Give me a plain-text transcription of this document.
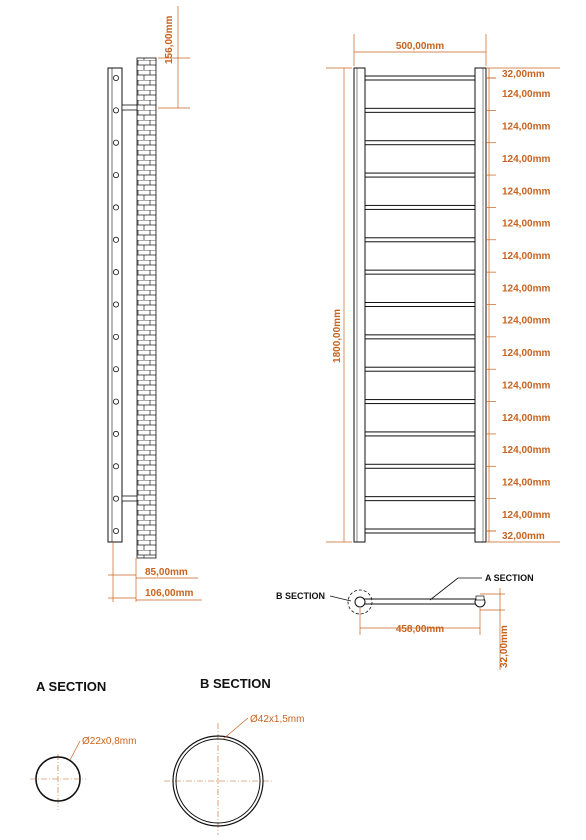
156,00mm
85,00mm
106,00mm
500,00mm
1800,00mm
32,00mm
124,00mm
124,00mm
124,00mm
124,00mm
124,00mm
124,00mm
124,00mm
124,00mm
124,00mm
124,00mm
124,00mm
124,00mm
124,00mm
124,00mm
32,00mm
A SECTION
B SECTION
458,00mm	32,00mm
A SECTION
Ø22x0,8mm
B SECTION
Ø42x1,5mm
